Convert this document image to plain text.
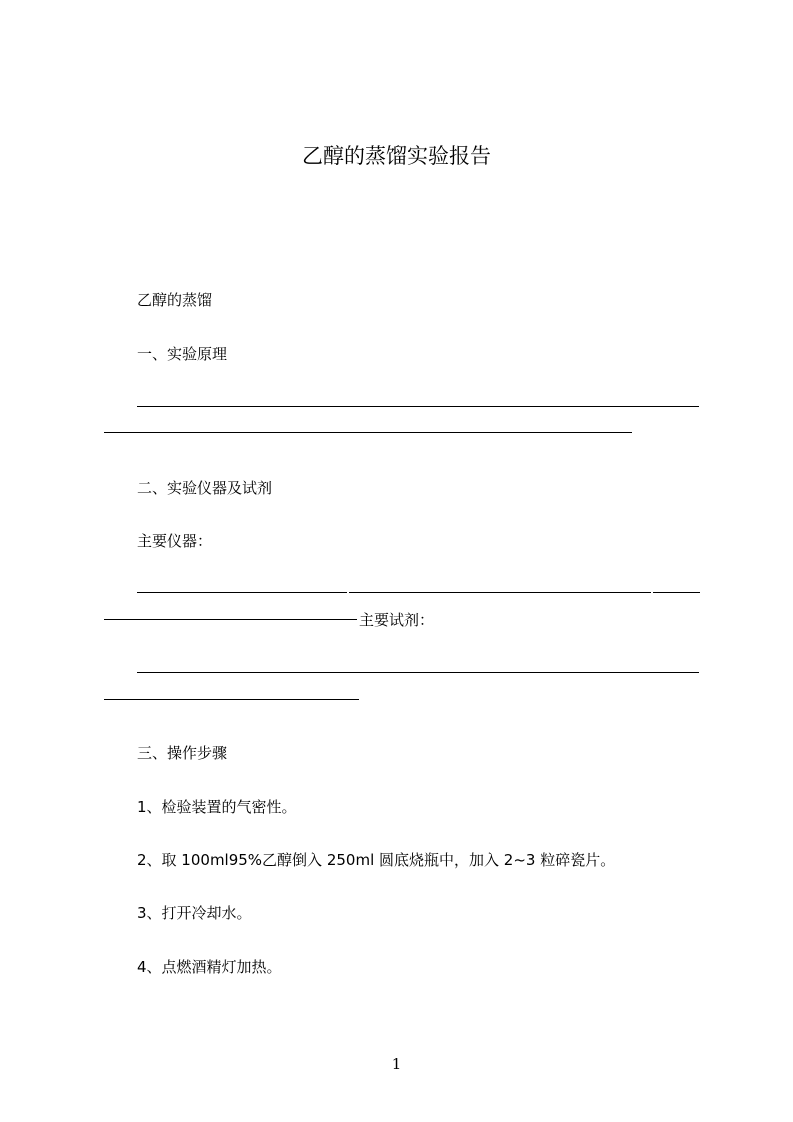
乙醇的蒸馏实验报告
乙醇的蒸馏
一、实验原理
二、实验仪器及试剂
主要仪器：
主要试剂：
三、操作步骤
1、检验装置的气密性。
2、取 100ml95%乙醇倒入 250ml 圆底烧瓶中，加入 2~3 粒碎瓷片。
3、打开冷却水。
4、点燃酒精灯加热。
1
